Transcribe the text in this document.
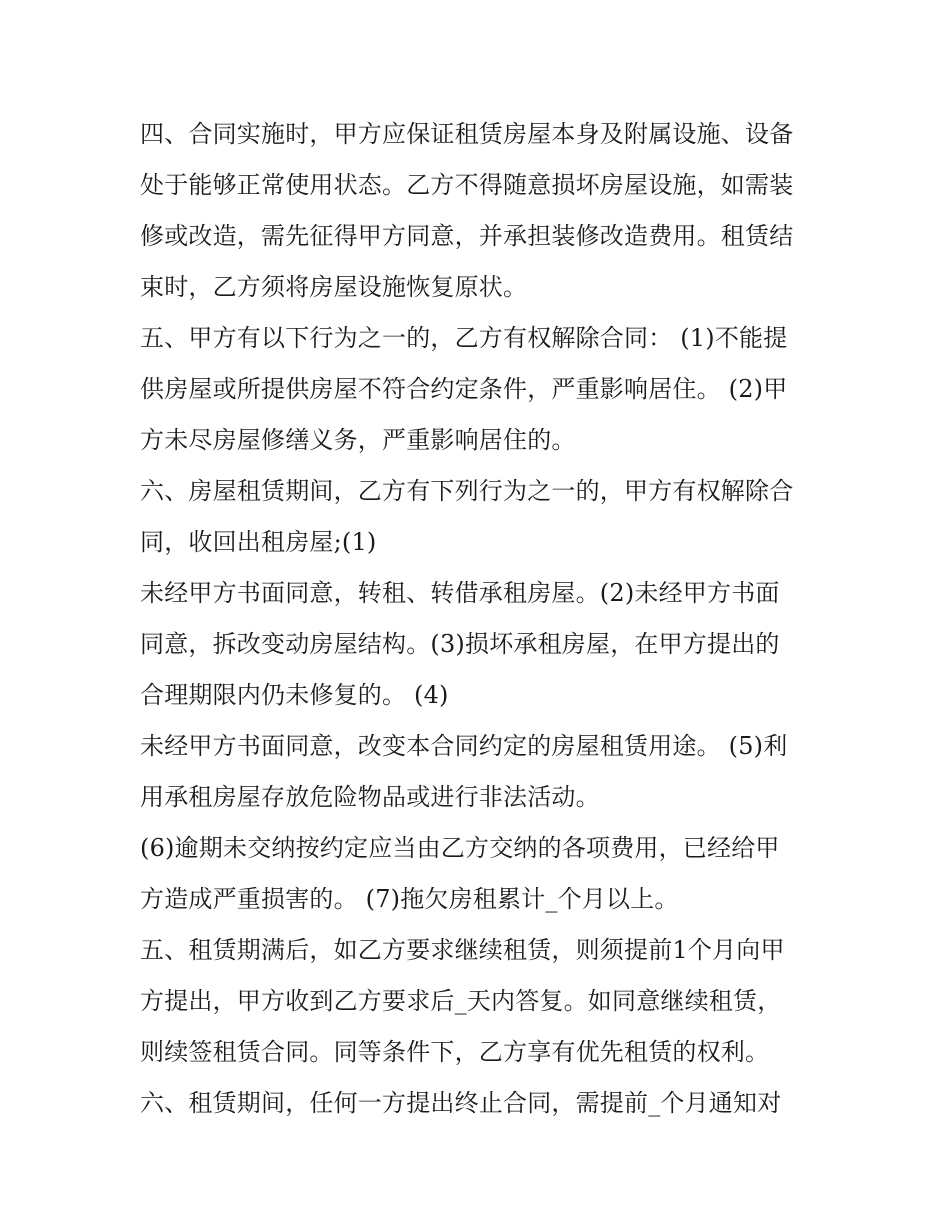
四、合同实施时，甲方应保证租赁房屋本身及附属设施、设备
处于能够正常使用状态。乙方不得随意损坏房屋设施，如需装
修或改造，需先征得甲方同意，并承担装修改造费用。租赁结
束时，乙方须将房屋设施恢复原状。
五、甲方有以下行为之一的，乙方有权解除合同： (1)不能提
供房屋或所提供房屋不符合约定条件，严重影响居住。 (2)甲
方未尽房屋修缮义务，严重影响居住的。
六、房屋租赁期间，乙方有下列行为之一的，甲方有权解除合
同，收回出租房屋;(1)
未经甲方书面同意，转租、转借承租房屋。(2)未经甲方书面
同意，拆改变动房屋结构。(3)损坏承租房屋，在甲方提出的
合理期限内仍未修复的。 (4)
未经甲方书面同意，改变本合同约定的房屋租赁用途。 (5)利
用承租房屋存放危险物品或进行非法活动。
(6)逾期未交纳按约定应当由乙方交纳的各项费用，已经给甲
方造成严重损害的。 (7)拖欠房租累计_个月以上。
五、租赁期满后，如乙方要求继续租赁，则须提前1个月向甲
方提出，甲方收到乙方要求后_天内答复。如同意继续租赁，
则续签租赁合同。同等条件下，乙方享有优先租赁的权利。
六、租赁期间，任何一方提出终止合同，需提前_个月通知对
